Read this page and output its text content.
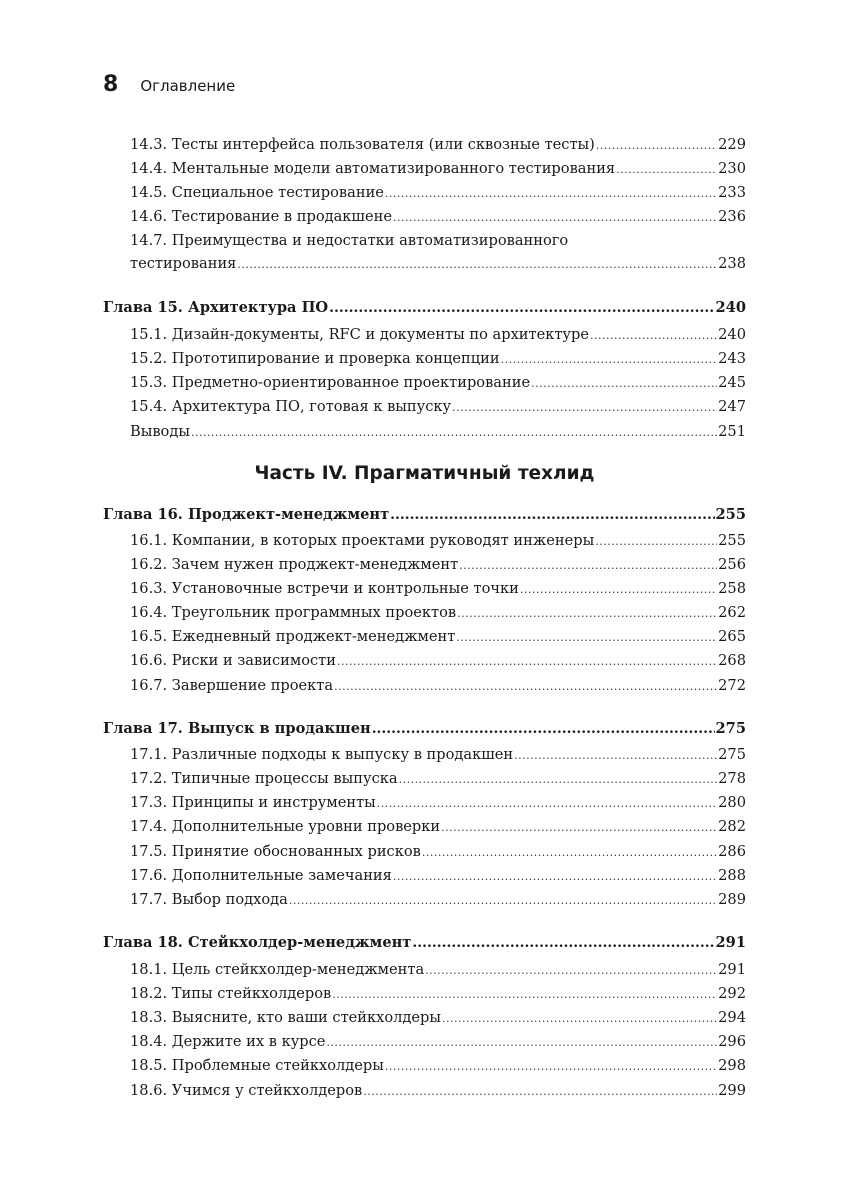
8 Оглавление
14.3. Тесты интерфейса пользователя (или сквозные тесты) .....	229
14.4. Ментальные модели автоматизированного тестирования .....	230
14.5. Специальное тестирование .....	233
14.6. Тестирование в продакшене .....	236
14.7. Преимущества и недостатки автоматизированного
тестирования .....	238
Глава 15. Архитектура ПО .....	240
15.1. Дизайн-документы, RFC и документы по архитектуре .....	240
15.2. Прототипирование и проверка концепции .....	243
15.3. Предметно-ориентированное проектирование .....	245
15.4. Архитектура ПО, готовая к выпуску .....	247
Выводы .....	251
Часть IV. Прагматичный техлид
Глава 16. Проджект-менеджмент .....	255
16.1. Компании, в которых проектами руководят инженеры .....	255
16.2. Зачем нужен проджект-менеджмент .....	256
16.3. Установочные встречи и контрольные точки .....	258
16.4. Треугольник программных проектов .....	262
16.5. Ежедневный проджект-менеджмент .....	265
16.6. Риски и зависимости .....	268
16.7. Завершение проекта .....	272
Глава 17. Выпуск в продакшен .....	275
17.1. Различные подходы к выпуску в продакшен .....	275
17.2. Типичные процессы выпуска .....	278
17.3. Принципы и инструменты .....	280
17.4. Дополнительные уровни проверки .....	282
17.5. Принятие обоснованных рисков .....	286
17.6. Дополнительные замечания .....	288
17.7. Выбор подхода .....	289
Глава 18. Стейкхолдер-менеджмент .....	291
18.1. Цель стейкхолдер-менеджмента .....	291
18.2. Типы стейкхолдеров .....	292
18.3. Выясните, кто ваши стейкхолдеры .....	294
18.4. Держите их в курсе .....	296
18.5. Проблемные стейкхолдеры .....	298
18.6. Учимся у стейкхолдеров .....	299
